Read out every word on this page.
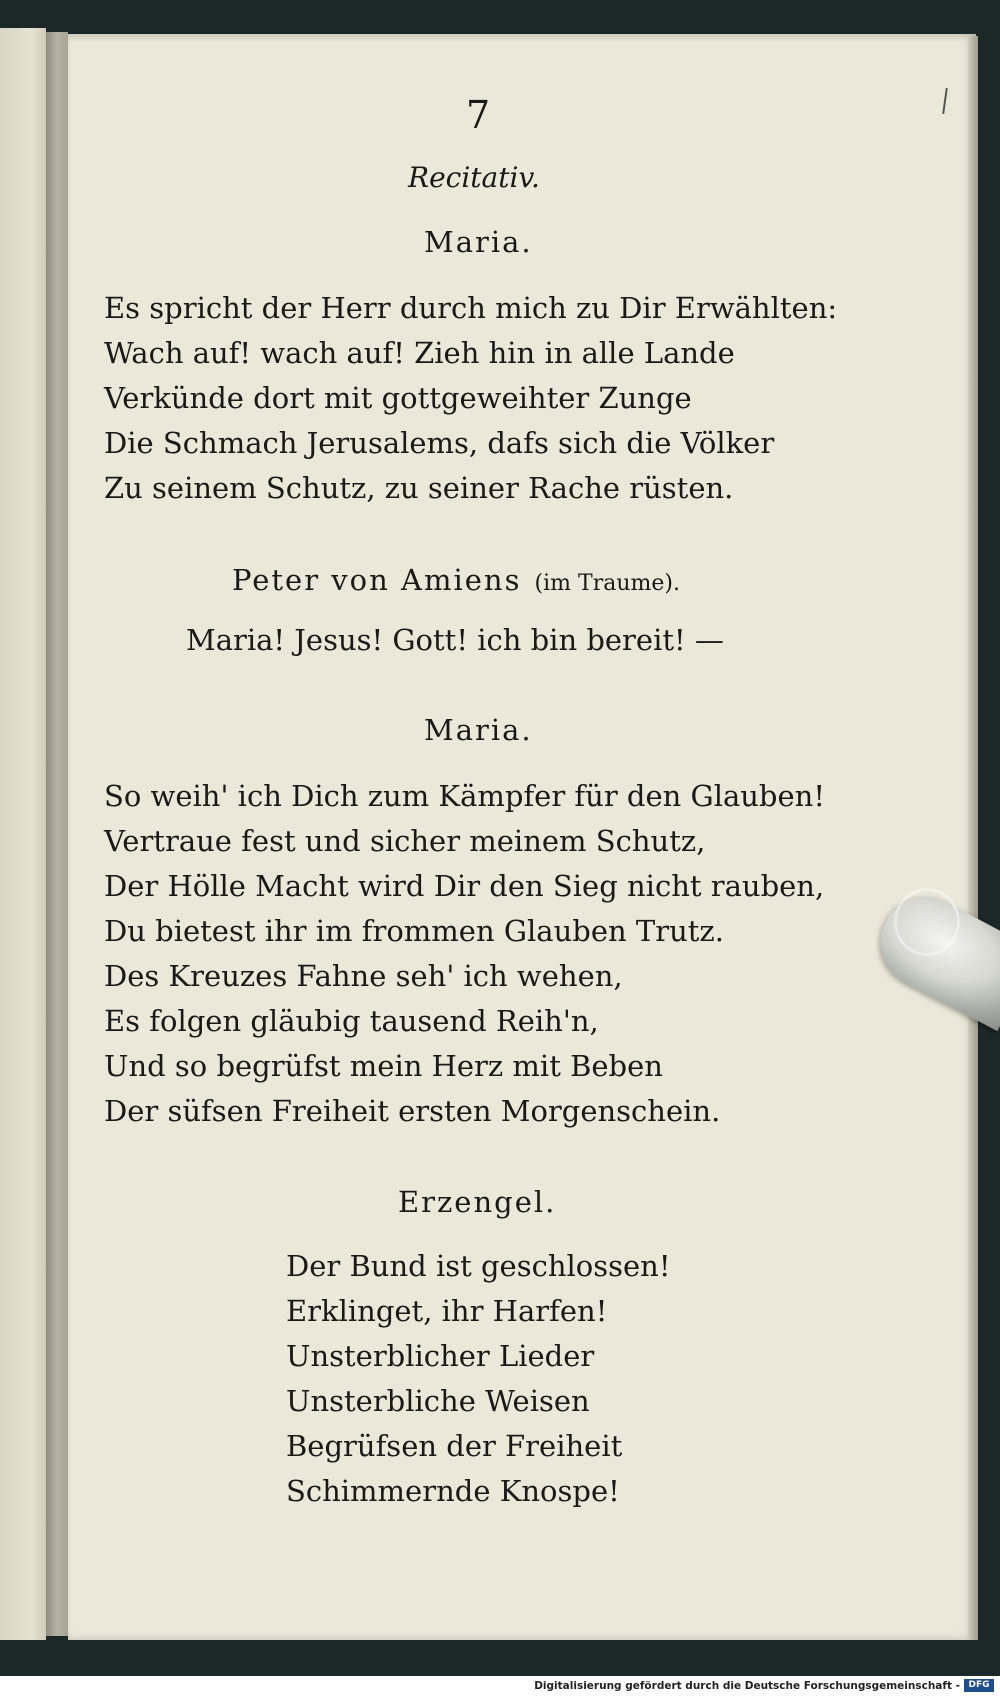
7
Recitativ.
Maria.
Es spricht der Herr durch mich zu Dir Erwählten:
Wach auf! wach auf! Zieh hin in alle Lande
Verkünde dort mit gottgeweihter Zunge
Die Schmach Jerusalems, dafs sich die Völker
Zu seinem Schutz, zu seiner Rache rüsten.
Peter von Amiens (im Traume).
Maria! Jesus! Gott! ich bin bereit! —
Maria.
So weih' ich Dich zum Kämpfer für den Glauben!
Vertraue fest und sicher meinem Schutz,
Der Hölle Macht wird Dir den Sieg nicht rauben,
Du bietest ihr im frommen Glauben Trutz.
Des Kreuzes Fahne seh' ich wehen,
Es folgen gläubig tausend Reih'n,
Und so begrüfst mein Herz mit Beben
Der süfsen Freiheit ersten Morgenschein.
Erzengel.
Der Bund ist geschlossen!
Erklinget, ihr Harfen!
Unsterblicher Lieder
Unsterbliche Weisen
Begrüfsen der Freiheit
Schimmernde Knospe!
Digitalisierung gefördert durch die Deutsche Forschungsgemeinschaft - DFG
